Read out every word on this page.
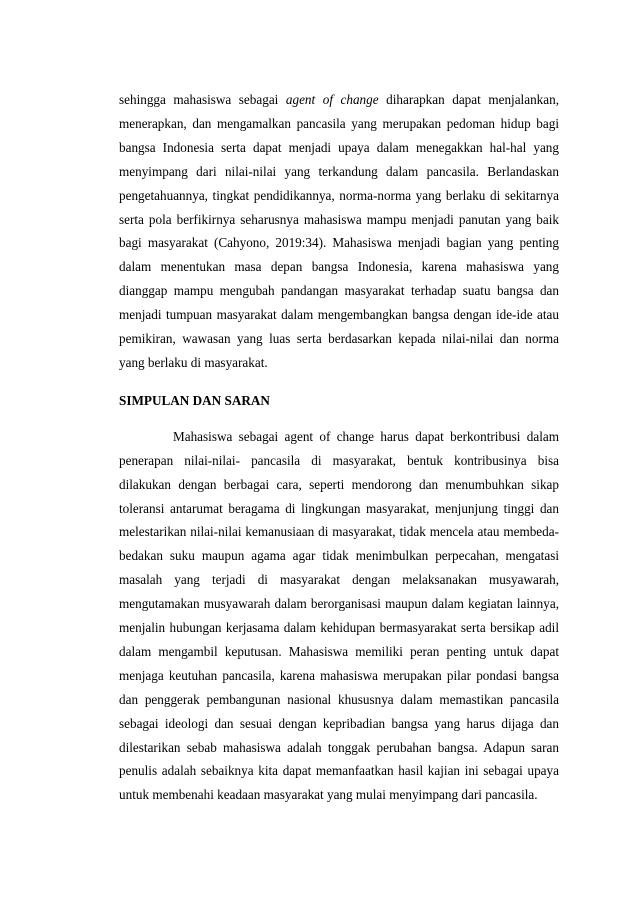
sehingga mahasiswa sebagai agent of change diharapkan dapat menjalankan,
menerapkan, dan mengamalkan pancasila yang merupakan pedoman hidup bagi
bangsa Indonesia serta dapat menjadi upaya dalam menegakkan hal-hal yang
menyimpang dari nilai-nilai yang terkandung dalam pancasila. Berlandaskan
pengetahuannya, tingkat pendidikannya, norma-norma yang berlaku di sekitarnya
serta pola berfikirnya seharusnya mahasiswa mampu menjadi panutan yang baik
bagi masyarakat (Cahyono, 2019:34). Mahasiswa menjadi bagian yang penting
dalam menentukan masa depan bangsa Indonesia, karena mahasiswa yang
dianggap mampu mengubah pandangan masyarakat terhadap suatu bangsa dan
menjadi tumpuan masyarakat dalam mengembangkan bangsa dengan ide-ide atau
pemikiran, wawasan yang luas serta berdasarkan kepada nilai-nilai dan norma
yang berlaku di masyarakat.

SIMPULAN DAN SARAN

Mahasiswa sebagai agent of change harus dapat berkontribusi dalam
penerapan nilai-nilai- pancasila di masyarakat, bentuk kontribusinya bisa
dilakukan dengan berbagai cara, seperti mendorong dan menumbuhkan sikap
toleransi antarumat beragama di lingkungan masyarakat, menjunjung tinggi dan
melestarikan nilai-nilai kemanusiaan di masyarakat, tidak mencela atau membeda-
bedakan suku maupun agama agar tidak menimbulkan perpecahan, mengatasi
masalah yang terjadi di masyarakat dengan melaksanakan musyawarah,
mengutamakan musyawarah dalam berorganisasi maupun dalam kegiatan lainnya,
menjalin hubungan kerjasama dalam kehidupan bermasyarakat serta bersikap adil
dalam mengambil keputusan. Mahasiswa memiliki peran penting untuk dapat
menjaga keutuhan pancasila, karena mahasiswa merupakan pilar pondasi bangsa
dan penggerak pembangunan nasional khususnya dalam memastikan pancasila
sebagai ideologi dan sesuai dengan kepribadian bangsa yang harus dijaga dan
dilestarikan sebab mahasiswa adalah tonggak perubahan bangsa. Adapun saran
penulis adalah sebaiknya kita dapat memanfaatkan hasil kajian ini sebagai upaya
untuk membenahi keadaan masyarakat yang mulai menyimpang dari pancasila.
